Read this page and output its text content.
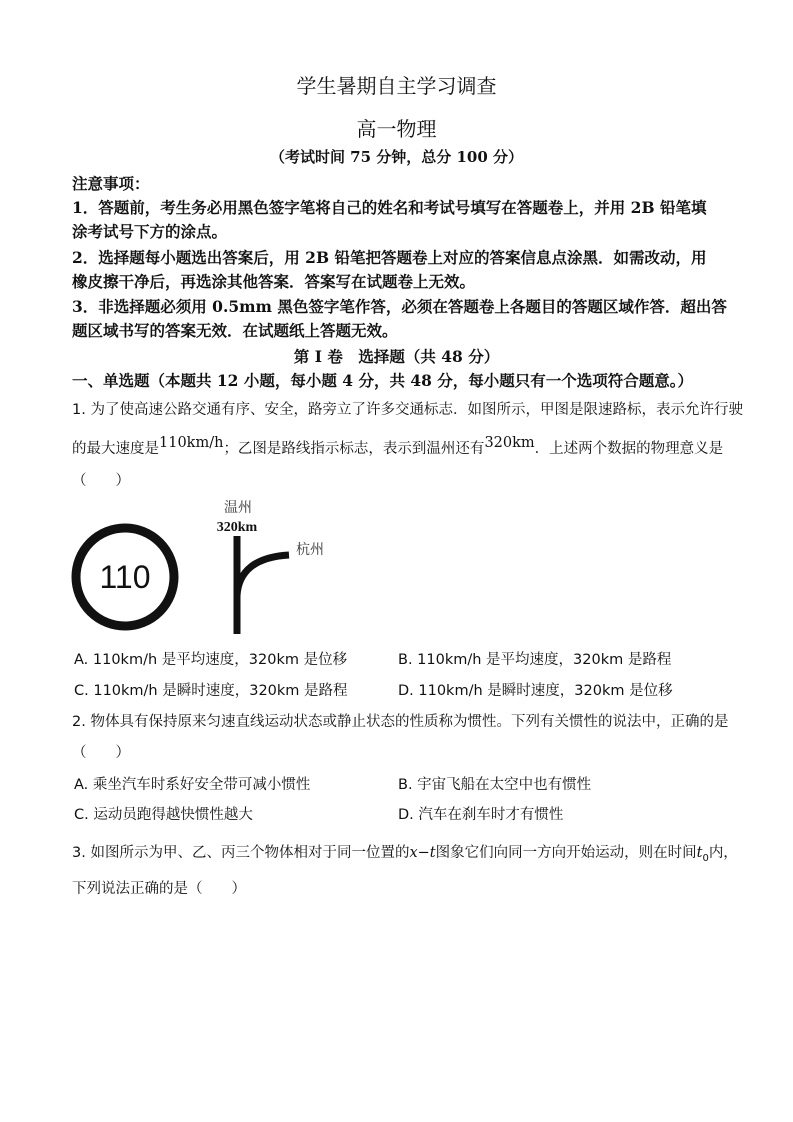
学生暑期自主学习调查
高一物理
（考试时间 75 分钟，总分 100 分）
注意事项：
1．答题前，考生务必用黑色签字笔将自己的姓名和考试号填写在答题卷上，并用 2B 铅笔填
涂考试号下方的涂点。
2．选择题每小题选出答案后，用 2B 铅笔把答题卷上对应的答案信息点涂黑．如需改动，用
橡皮擦干净后，再选涂其他答案．答案写在试题卷上无效。
3．非选择题必须用 0.5mm 黑色签字笔作答，必须在答题卷上各题目的答题区域作答．超出答
题区域书写的答案无效．在试题纸上答题无效。
第 I 卷　选择题（共 48 分）
一、单选题（本题共 12 小题，每小题 4 分，共 48 分，每小题只有一个选项符合题意。）
1. 为了使高速公路交通有序、安全，路旁立了许多交通标志．如图所示，甲图是限速路标，表示允许行驶
的最大速度是110km/h；乙图是路线指示标志，表示到温州还有320km．上述两个数据的物理意义是
（　　）
110
温州
320km
杭州
A. 110km/h 是平均速度，320km 是位移	B. 110km/h 是平均速度，320km 是路程
C. 110km/h 是瞬时速度，320km 是路程	D. 110km/h 是瞬时速度，320km 是位移
2. 物体具有保持原来匀速直线运动状态或静止状态的性质称为惯性。下列有关惯性的说法中，正确的是
（　　）
A. 乘坐汽车时系好安全带可减小惯性	B. 宇宙飞船在太空中也有惯性
C. 运动员跑得越快惯性越大	D. 汽车在刹车时才有惯性
3. 如图所示为甲、乙、丙三个物体相对于同一位置的x−t图象它们向同一方向开始运动，则在时间$t_0$内，
下列说法正确的是（　　）
